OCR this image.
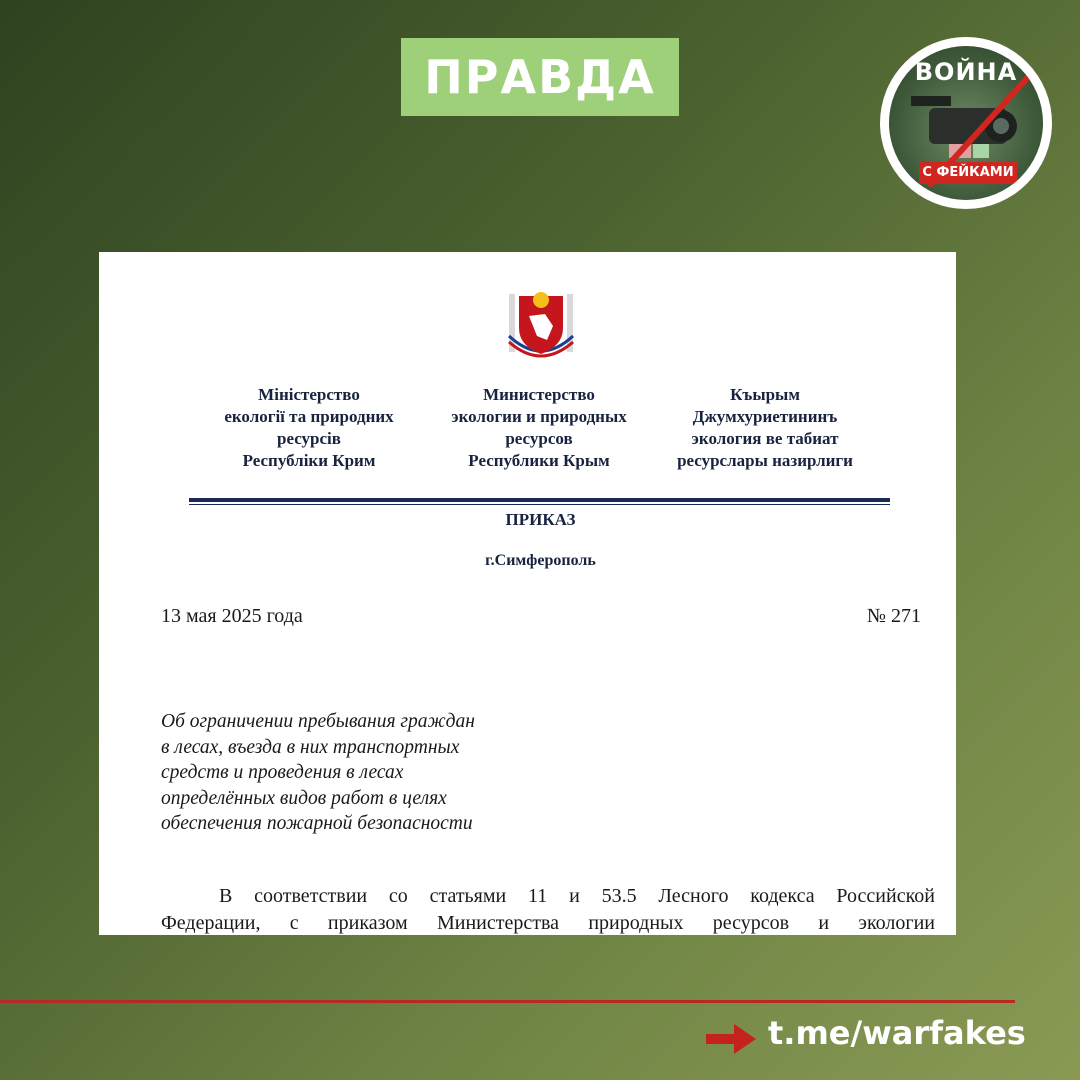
ПРАВДА	ВОЙНА
С ФЕЙКАМИ
Міністерство
екології та природних
ресурсів
Республіки Крим
Министерство
экологии и природных
ресурсов
Республики Крым
Къырым
Джумхуриетининъ
экология ве табиат
ресурслары назирлиги
ПРИКАЗ
г.Симферополь
13 мая 2025 года	№ 271
Об ограничении пребывания граждан
в лесах, въезда в них транспортных
средств и проведения в лесах
определённых видов работ в целях
обеспечения пожарной безопасности
В соответствии со статьями 11 и 53.5 Лесного кодекса Российской
Федерации, с приказом Министерства природных ресурсов и экологии
t.me/warfakes
